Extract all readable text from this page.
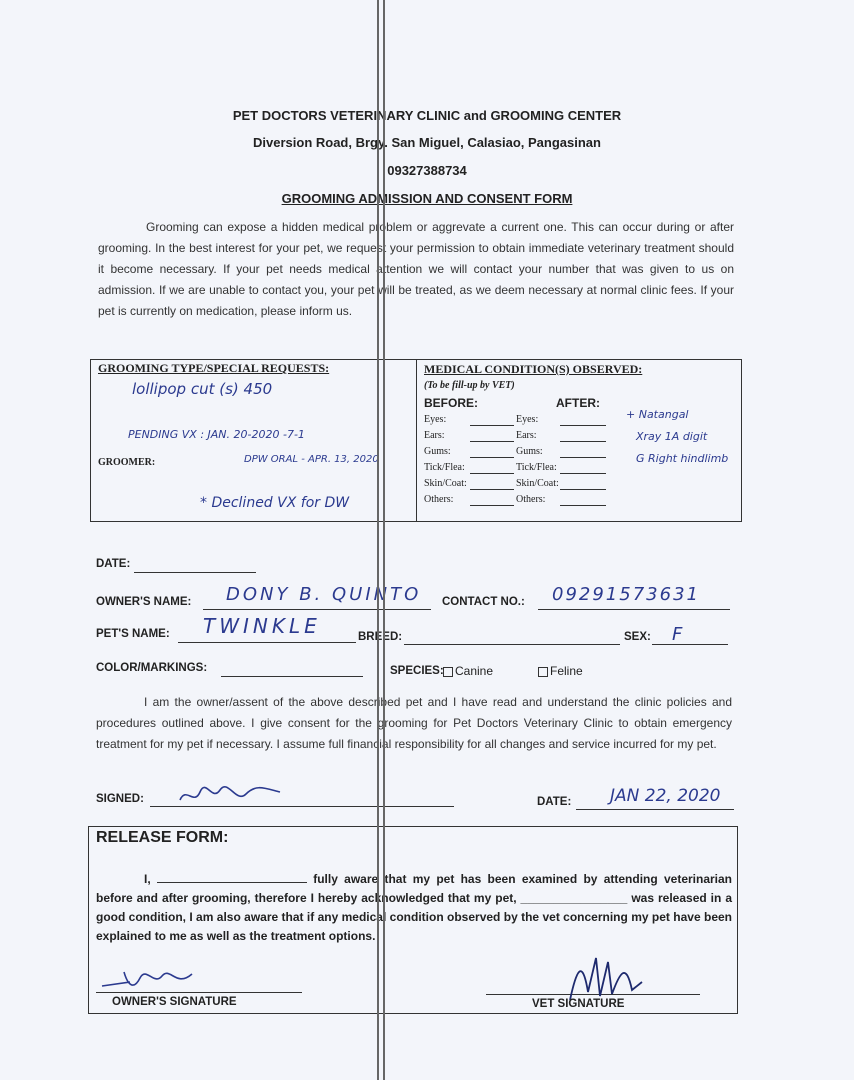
PET DOCTORS VETERINARY CLINIC and GROOMING CENTER
Diversion Road, Brgy. San Miguel, Calasiao, Pangasinan
09327388734
GROOMING ADMISSION AND CONSENT FORM
Grooming can expose a hidden medical problem or aggrevate a current one. This can occur during or after grooming. In the best interest for your pet, we request your permission to obtain immediate veterinary treatment should it become necessary. If your pet needs medical attention we will contact your number that was given to us on admission. If we are unable to contact you, your pet will be treated, as we deem necessary at normal clinic fees. If your pet is currently on medication, please inform us.
GROOMING TYPE/SPECIAL REQUESTS:
lollipop cut (s) 450
PENDING VX : JAN. 20-2020 -7-1
GROOMER:	DPW ORAL - APR. 13, 2020
* Declined VX for DW
MEDICAL CONDITION(S) OBSERVED:
(To be fill-up by VET)
BEFORE:	AFTER:
Eyes:	Eyes:
Ears:	Ears:
Gums:	Gums:
Tick/Flea:	Tick/Flea:
Skin/Coat:	Skin/Coat:
Others:	Others:
+ Natangal
Xray 1A digit
G Right hindlimb
DATE:
OWNER'S NAME: DONY B. QUINTO CONTACT NO.: 09291573631
PET'S NAME: TWINKLE	BREED:	SEX: F
COLOR/MARKINGS:	SPECIES: Canine	Feline
I am the owner/assent of the above described pet and I have read and understand the clinic policies and procedures outlined above. I give consent for the grooming for Pet Doctors Veterinary Clinic to obtain emergency treatment for my pet if necessary. I assume full financial responsibility for all changes and service incurred for my pet.
SIGNED:	DATE: JAN 22, 2020
RELEASE FORM:
I,	fully aware that my pet has been examined by attending veterinarian before and after grooming, therefore I hereby acknowledged that my pet, ________________ was released in a good condition, I am also aware that if any medical condition observed by the vet concerning my pet have been explained to me as well as the treatment options.
OWNER'S SIGNATURE	VET SIGNATURE
